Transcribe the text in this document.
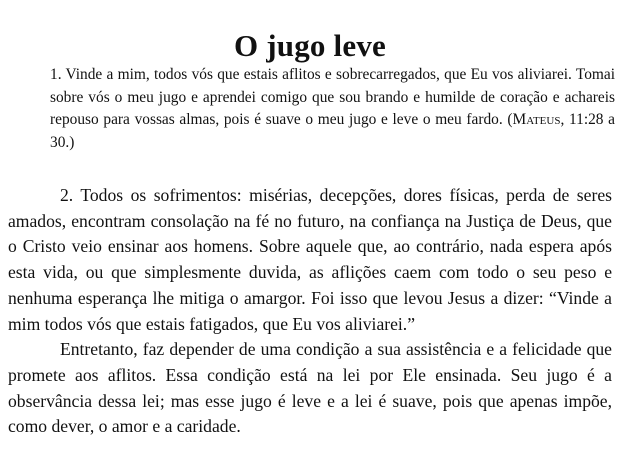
O jugo leve
1. Vinde a mim, todos vós que estais aflitos e sobrecarregados, que Eu vos aliviarei. Tomai sobre vós o meu jugo e aprendei comigo que sou brando e humilde de coração e achareis repouso para vossas almas, pois é suave o meu jugo e leve o meu fardo. (Mateus, 11:28 a 30.)

2. Todos os sofrimentos: misérias, decepções, dores físicas, perda de seres amados, encontram consolação na fé no futuro, na confiança na Justiça de Deus, que o Cristo veio ensinar aos homens. Sobre aquele que, ao contrário, nada espera após esta vida, ou que simplesmente duvida, as aflições caem com todo o seu peso e nenhuma esperança lhe mitiga o amargor. Foi isso que levou Jesus a dizer: “Vinde a mim todos vós que estais fatigados, que Eu vos aliviarei.”

Entretanto, faz depender de uma condição a sua assistência e a felicidade que promete aos aflitos. Essa condição está na lei por Ele ensinada. Seu jugo é a observância dessa lei; mas esse jugo é leve e a lei é suave, pois que apenas impõe, como dever, o amor e a caridade.
